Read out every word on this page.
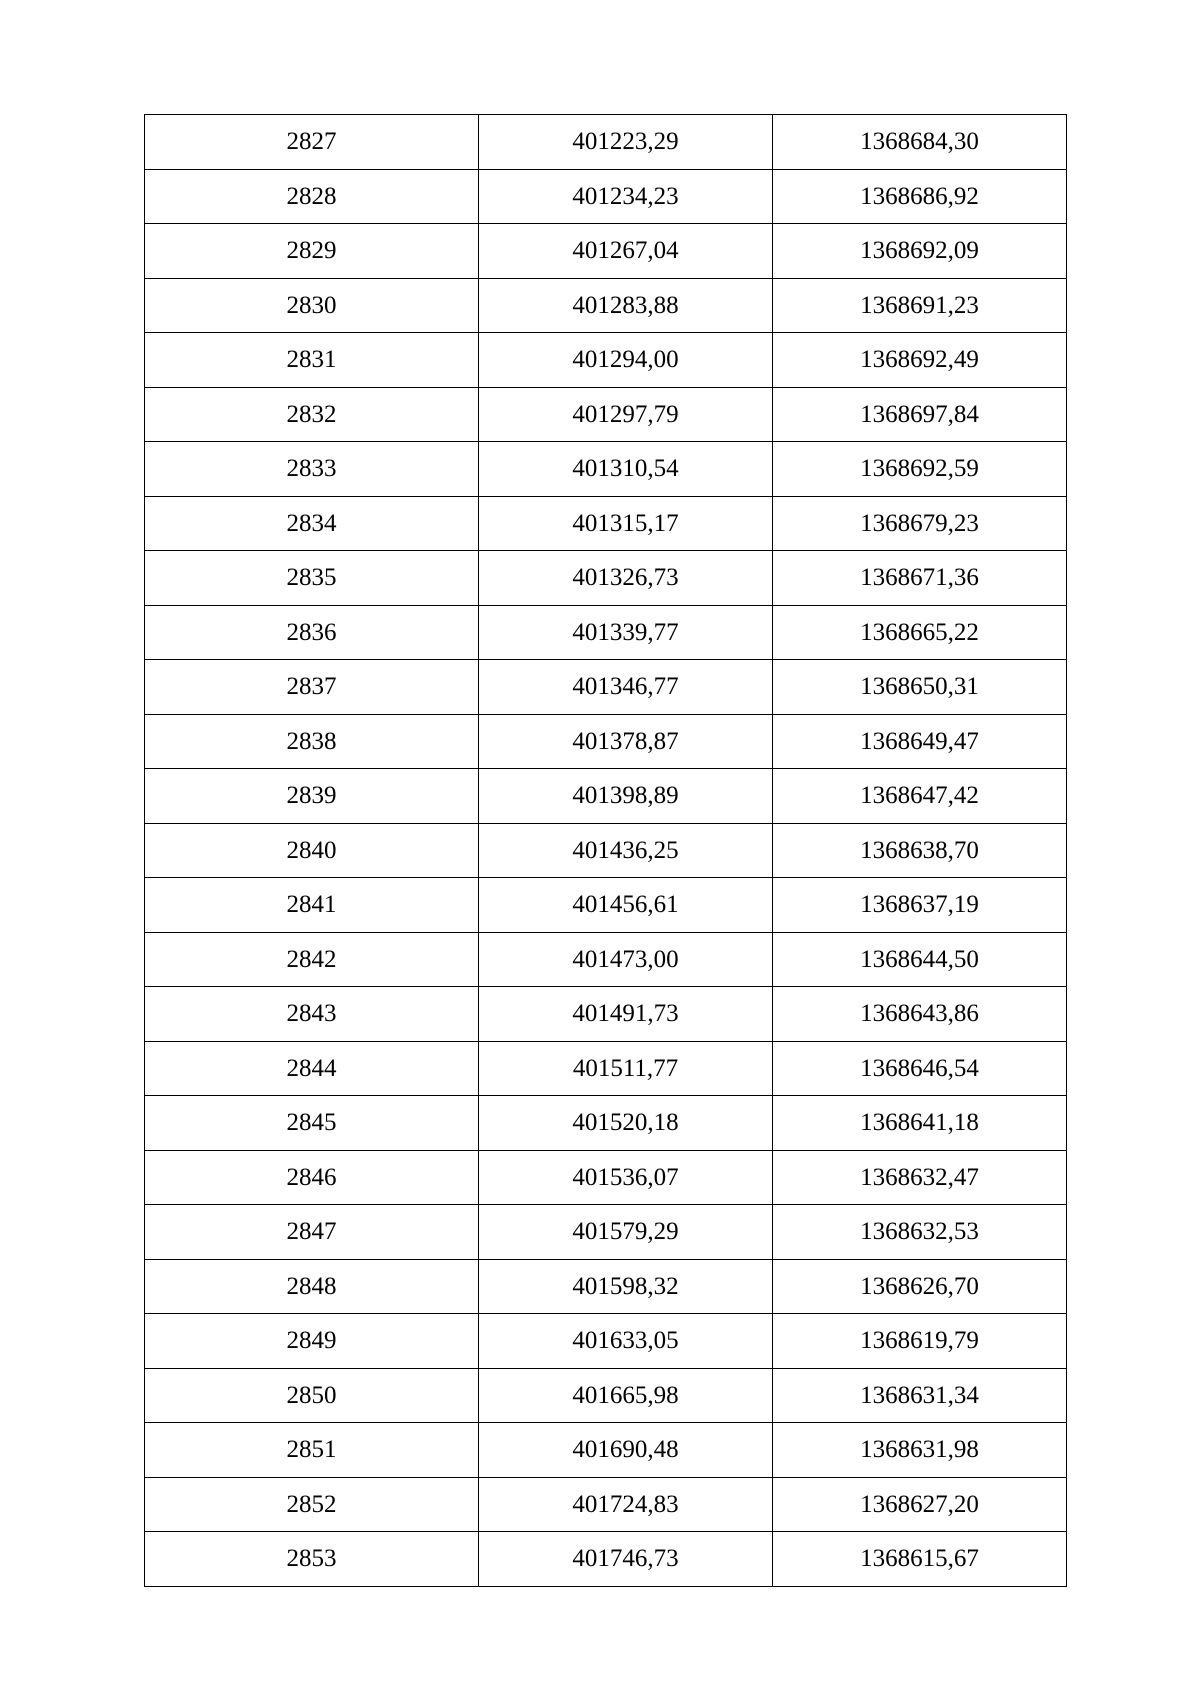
2827	401223,29	1368684,30
2828	401234,23	1368686,92
2829	401267,04	1368692,09
2830	401283,88	1368691,23
2831	401294,00	1368692,49
2832	401297,79	1368697,84
2833	401310,54	1368692,59
2834	401315,17	1368679,23
2835	401326,73	1368671,36
2836	401339,77	1368665,22
2837	401346,77	1368650,31
2838	401378,87	1368649,47
2839	401398,89	1368647,42
2840	401436,25	1368638,70
2841	401456,61	1368637,19
2842	401473,00	1368644,50
2843	401491,73	1368643,86
2844	401511,77	1368646,54
2845	401520,18	1368641,18
2846	401536,07	1368632,47
2847	401579,29	1368632,53
2848	401598,32	1368626,70
2849	401633,05	1368619,79
2850	401665,98	1368631,34
2851	401690,48	1368631,98
2852	401724,83	1368627,20
2853	401746,73	1368615,67
